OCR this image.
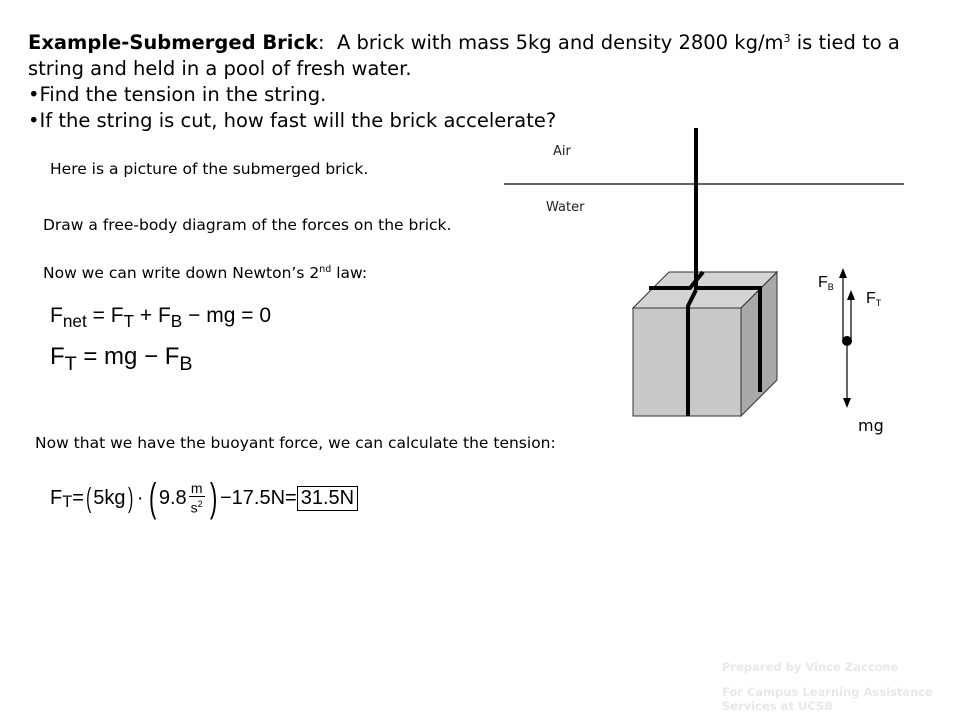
Example-Submerged Brick: A brick with mass 5kg and density 2800 $kg/m^3$ is tied to a string and held in a pool of fresh water.
•Find the tension in the string.
•If the string is cut, how fast will the brick accelerate?
Here is a picture of the submerged brick.
Draw a free-body diagram of the forces on the brick.
Now we can write down Newton’s 2nd law:
$F_{net} = F_T + F_B$ − mg = 0
$F_T$ = mg − $F_B$
Now that we have the buoyant force, we can calculate the tension:
F T = ( 5kg ) · ( $9.8 \frac{m}{s^2}$ ) − 17.5N = 31.5N
Air
Water
FB
FT
mg
Prepared by Vince Zaccone
For Campus Learning Assistance Services at UCSB
